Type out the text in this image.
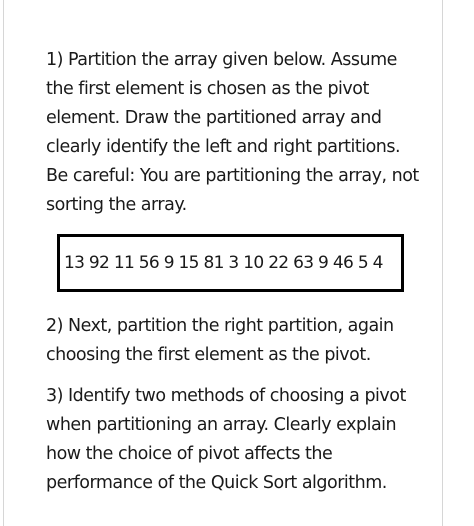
1) Partition the array given below. Assume
the first element is chosen as the pivot
element. Draw the partitioned array and
clearly identify the left and right partitions.
Be careful: You are partitioning the array, not
sorting the array.

13 92 11 56 9 15 81 3 10 22 63 9 46 5 4

2) Next, partition the right partition, again
choosing the first element as the pivot.

3) Identify two methods of choosing a pivot
when partitioning an array. Clearly explain
how the choice of pivot affects the
performance of the Quick Sort algorithm.
